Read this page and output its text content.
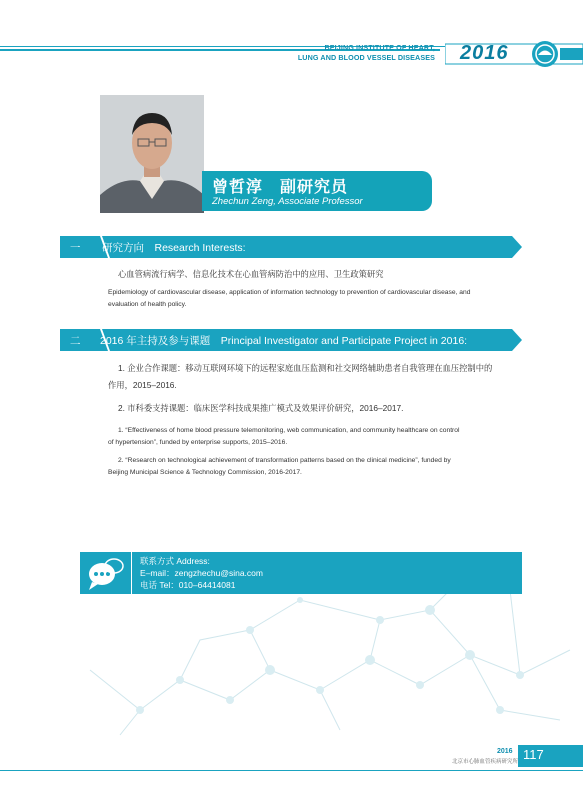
BEIJING INSTITUTE OF HEART,
LUNG AND BLOOD VESSEL DISEASES 2016
曾哲淳　副研究员
Zhechun Zeng, Associate Professor
一 研究方向　Research Interests:
心血管病流行病学、信息化技术在心血管病防治中的应用、卫生政策研究
Epidemiology of cardiovascular disease, application of information technology to prevention of cardiovascular disease, and
evaluation of health policy.
二 2016 年主持及参与课题　Principal Investigator and Participate Project in 2016:
1. 企业合作课题：移动互联网环境下的远程家庭血压监测和社交网络辅助患者自我管理在血压控制中的
作用，2015–2016.
2. 市科委支持课题：临床医学科技成果推广模式及效果评价研究，2016–2017.
1. “Effectiveness of home blood pressure telemonitoring, web communication, and community healthcare on control
of hypertension”, funded by enterprise supports, 2015–2016.
2. “Research on technological achievement of transformation patterns based on the clinical medicine”, funded by
Beijing Municipal Science & Technology Commission, 2016-2017.
联系方式 Address:
E–mail：zengzhechu@sina.com
电话 Tel：010–64414081
2016
北京市心肺血管疾病研究所 117
